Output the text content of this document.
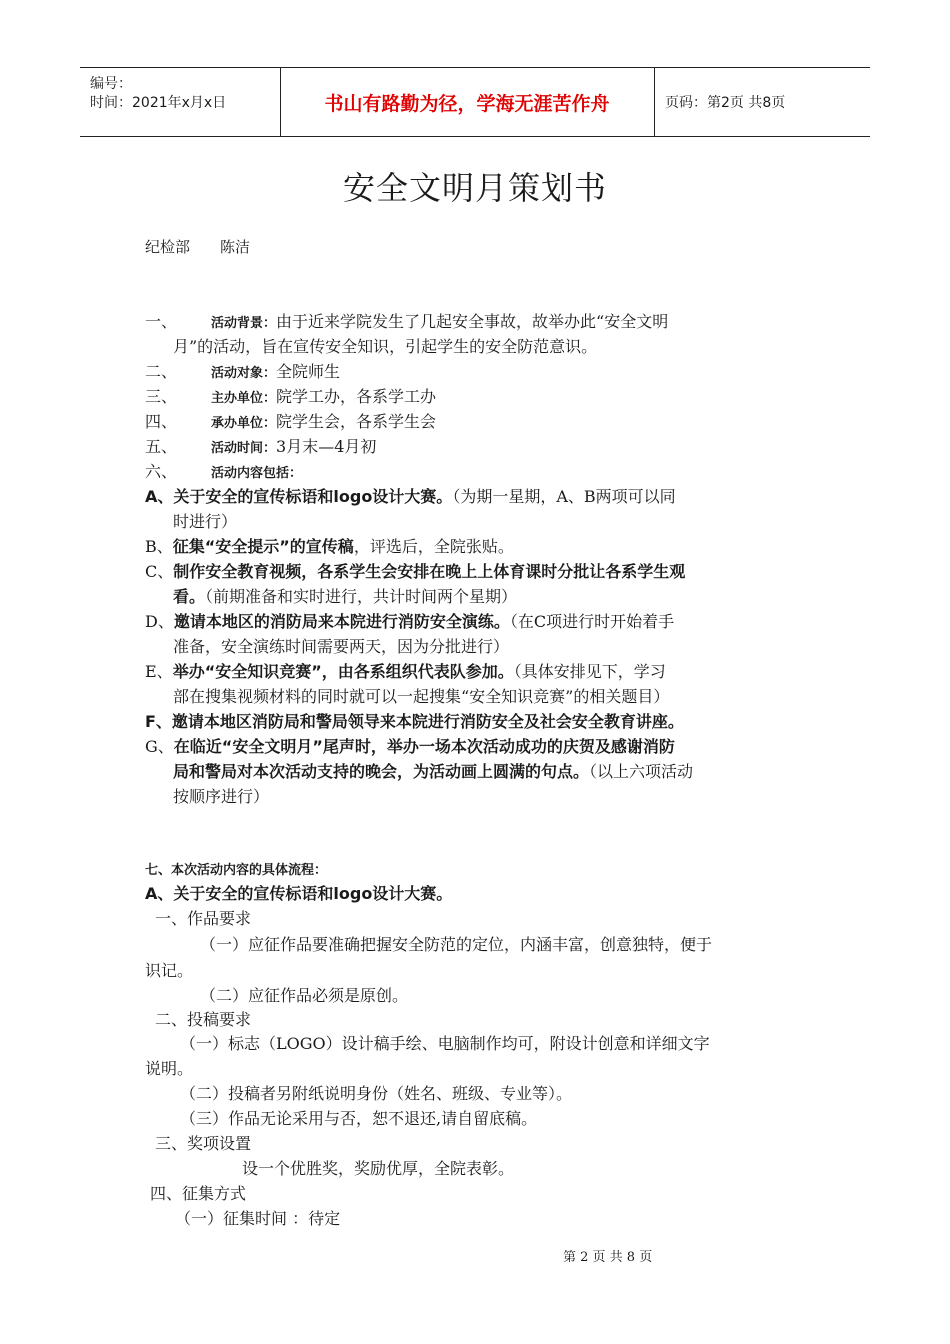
编号：
时间：2021年x月x日	书山有路勤为径，学海无涯苦作舟	页码：第2页 共8页
安全文明月策划书
纪检部 陈洁
一、	活动背景：由于近来学院发生了几起安全事故，故举办此“安全文明
月”的活动，旨在宣传安全知识，引起学生的安全防范意识。
二、	活动对象：全院师生
三、	主办单位：院学工办，各系学工办
四、	承办单位：院学生会，各系学生会
五、	活动时间：3月末—4月初
六、	活动内容包括：
A、关于安全的宣传标语和logo设计大赛。（为期一星期，A、B两项可以同
时进行）
B、征集“安全提示”的宣传稿，评选后，全院张贴。
C、制作安全教育视频，各系学生会安排在晚上上体育课时分批让各系学生观
看。（前期准备和实时进行，共计时间两个星期）
D、邀请本地区的消防局来本院进行消防安全演练。（在C项进行时开始着手
准备，安全演练时间需要两天，因为分批进行）
E、举办“安全知识竞赛”，由各系组织代表队参加。（具体安排见下，学习
部在搜集视频材料的同时就可以一起搜集“安全知识竞赛”的相关题目）
F、邀请本地区消防局和警局领导来本院进行消防安全及社会安全教育讲座。
G、在临近“安全文明月”尾声时，举办一场本次活动成功的庆贺及感谢消防
局和警局对本次活动支持的晚会，为活动画上圆满的句点。（以上六项活动
按顺序进行）
七、本次活动内容的具体流程：
A、关于安全的宣传标语和logo设计大赛。
一、作品要求
（一）应征作品要准确把握安全防范的定位，内涵丰富，创意独特，便于
识记。
（二）应征作品必须是原创。
二、投稿要求
（一）标志（LOGO）设计稿手绘、电脑制作均可，附设计创意和详细文字
说明。
（二）投稿者另附纸说明身份（姓名、班级、专业等）。
（三）作品无论采用与否，恕不退还,请自留底稿。
三、奖项设置
设一个优胜奖，奖励优厚，全院表彰。
四、征集方式
（一）征集时间 ：待定
第 2 页 共 8 页
